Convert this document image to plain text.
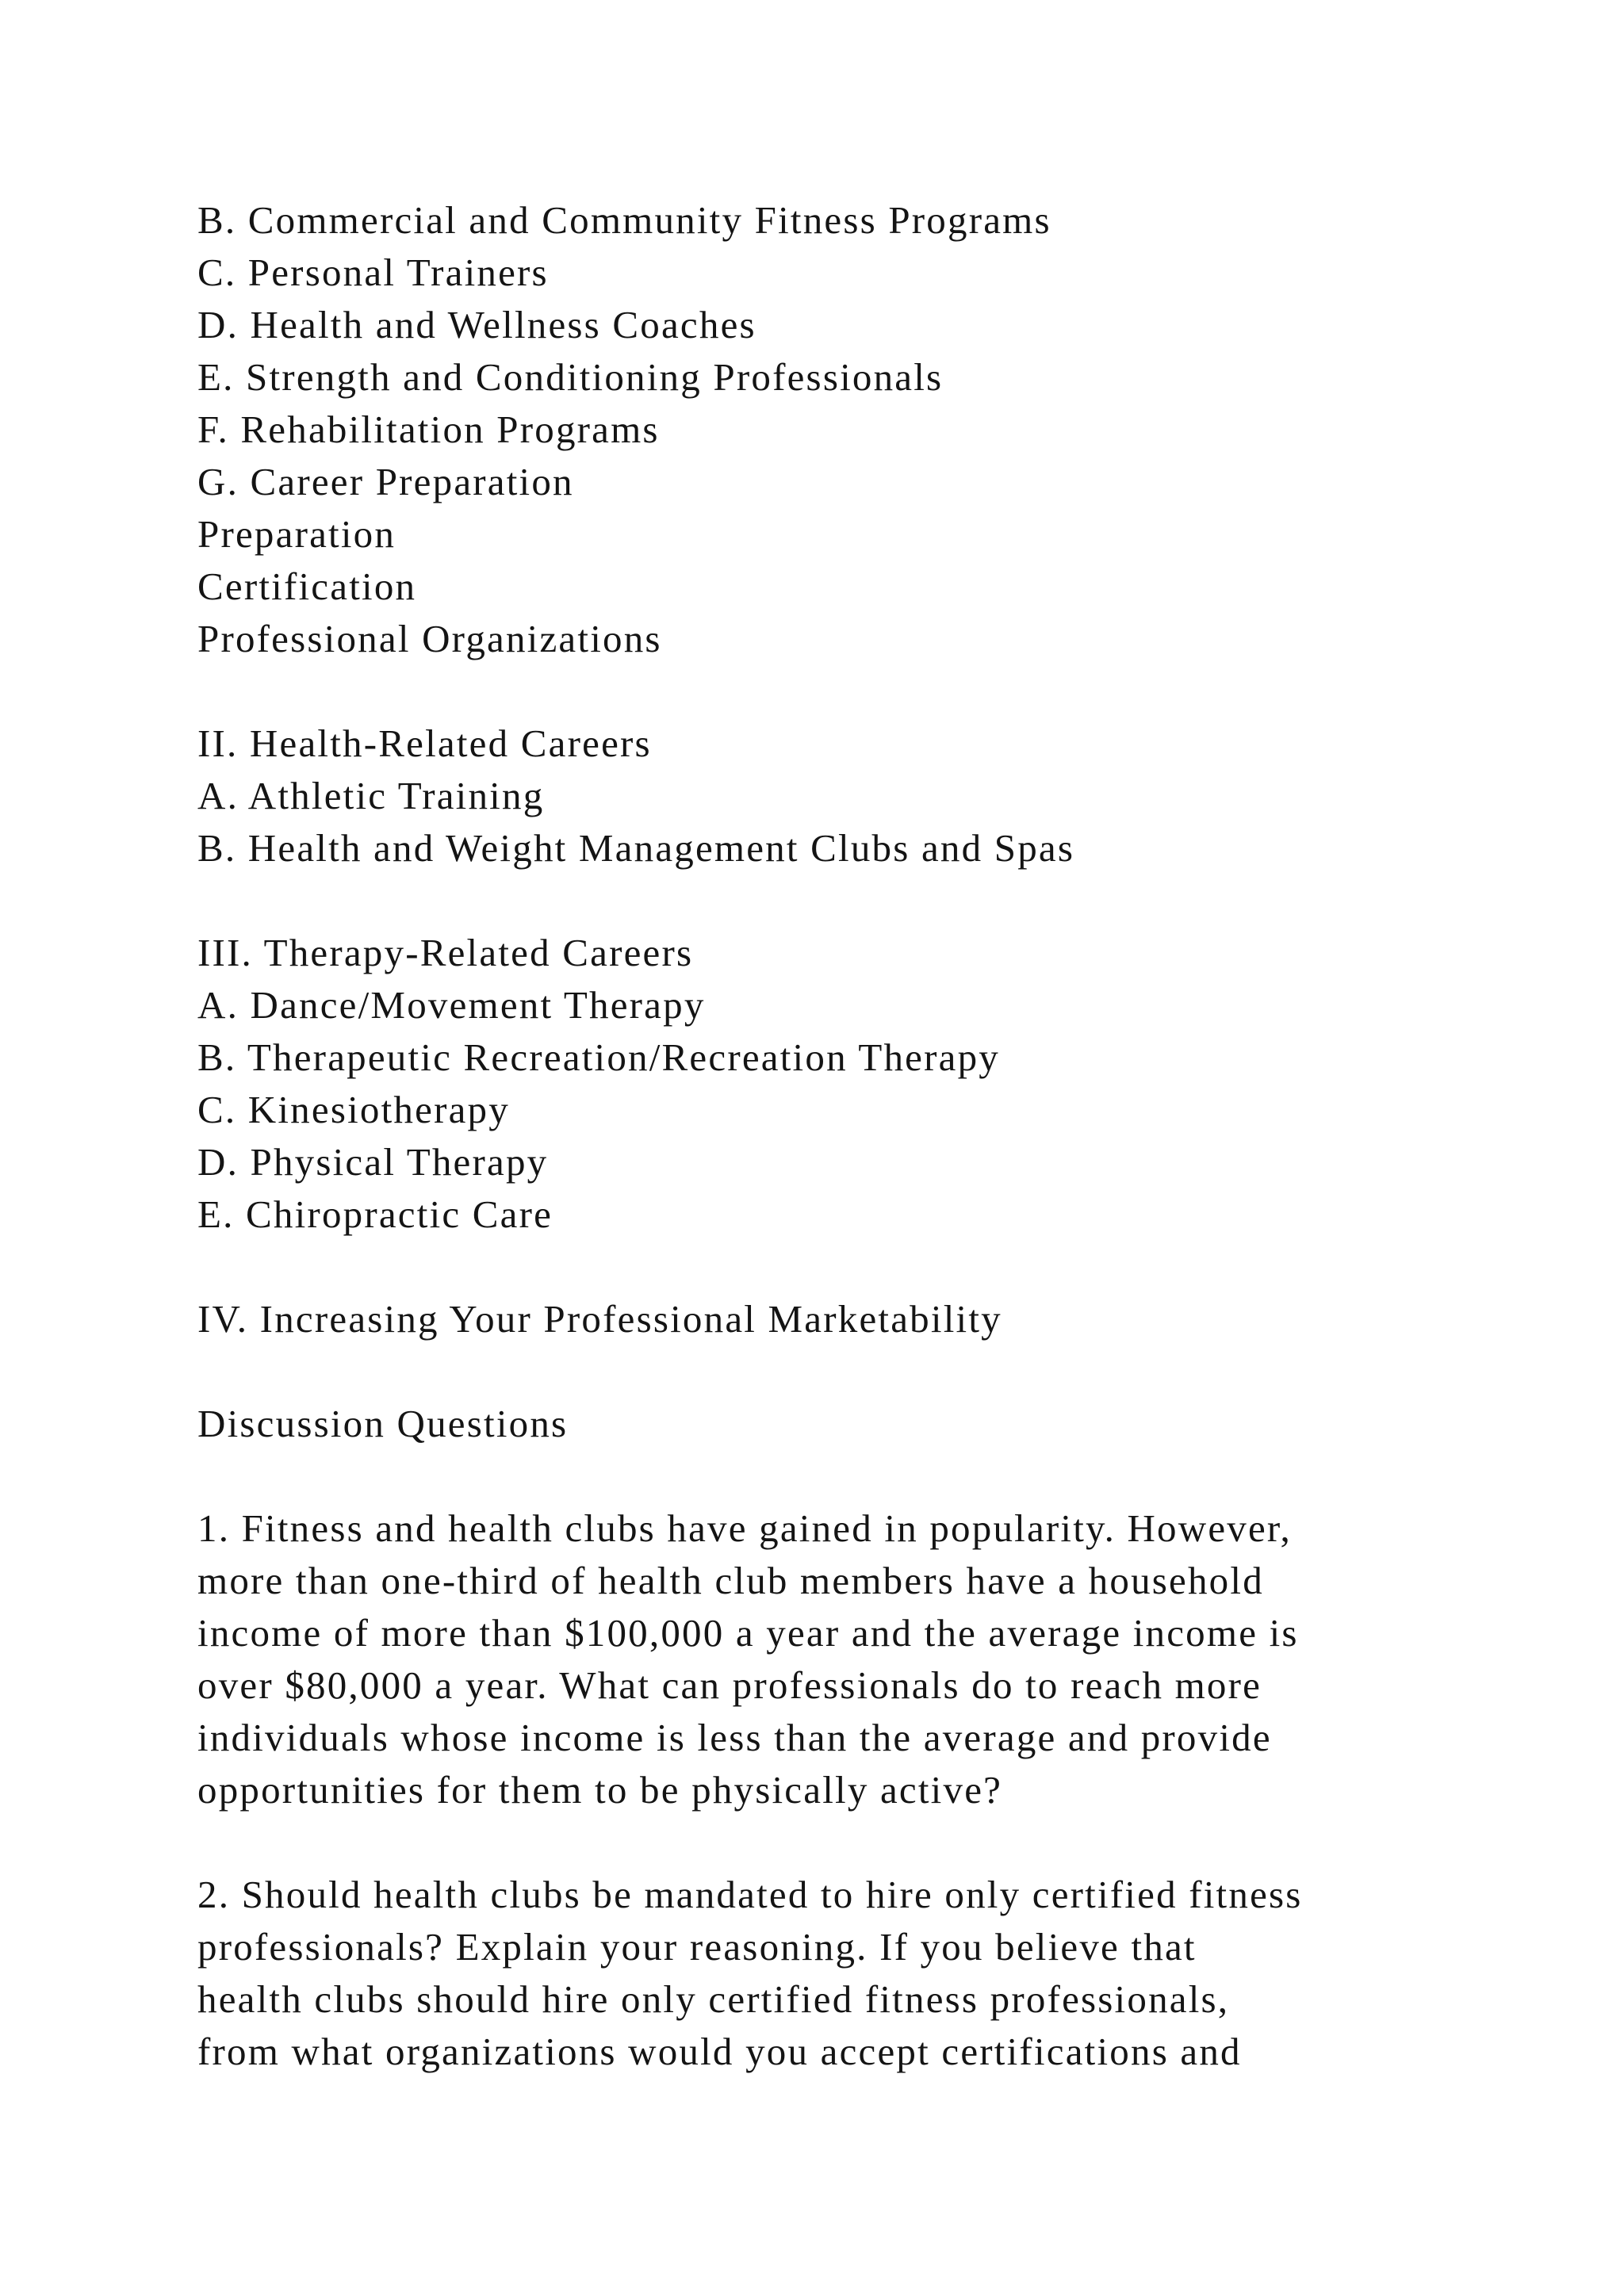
B. Commercial and Community Fitness Programs
C. Personal Trainers
D. Health and Wellness Coaches
E. Strength and Conditioning Professionals
F. Rehabilitation Programs
G. Career Preparation
Preparation
Certification
Professional Organizations
II. Health-Related Careers
A. Athletic Training
B. Health and Weight Management Clubs and Spas
III. Therapy-Related Careers
A. Dance/Movement Therapy
B. Therapeutic Recreation/Recreation Therapy
C. Kinesiotherapy
D. Physical Therapy
E. Chiropractic Care
IV. Increasing Your Professional Marketability
Discussion Questions
1. Fitness and health clubs have gained in popularity. However,
more than one-third of health club members have a household
income of more than $100,000 a year and the average income is
over $80,000 a year. What can professionals do to reach more
individuals whose income is less than the average and provide
opportunities for them to be physically active?
2. Should health clubs be mandated to hire only certified fitness
professionals? Explain your reasoning. If you believe that
health clubs should hire only certified fitness professionals,
from what organizations would you accept certifications and
